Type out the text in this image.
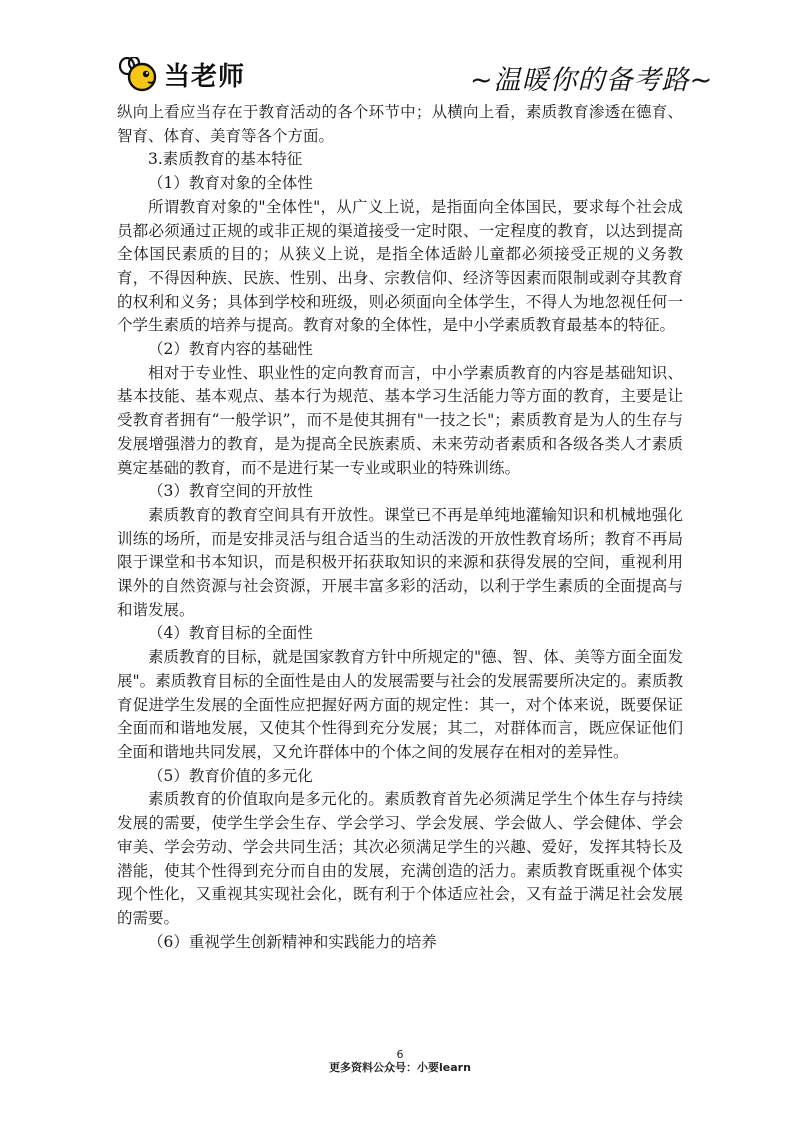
当老师	~温暖你的备考路~

纵向上看应当存在于教育活动的各个环节中；从横向上看，素质教育渗透在德育、智育、体育、美育等各个方面。

3.素质教育的基本特征

（1）教育对象的全体性

所谓教育对象的"全体性"，从广义上说，是指面向全体国民，要求每个社会成员都必须通过正规的或非正规的渠道接受一定时限、一定程度的教育，以达到提高全体国民素质的目的；从狭义上说，是指全体适龄儿童都必须接受正规的义务教育，不得因种族、民族、性别、出身、宗教信仰、经济等因素而限制或剥夺其教育的权利和义务；具体到学校和班级，则必须面向全体学生，不得人为地忽视任何一个学生素质的培养与提高。教育对象的全体性，是中小学素质教育最基本的特征。

（2）教育内容的基础性

相对于专业性、职业性的定向教育而言，中小学素质教育的内容是基础知识、基本技能、基本观点、基本行为规范、基本学习生活能力等方面的教育，主要是让受教育者拥有“一般学识”，而不是使其拥有"一技之长"；素质教育是为人的生存与发展增强潜力的教育，是为提高全民族素质、未来劳动者素质和各级各类人才素质奠定基础的教育，而不是进行某一专业或职业的特殊训练。

（3）教育空间的开放性

素质教育的教育空间具有开放性。课堂已不再是单纯地灌输知识和机械地强化训练的场所，而是安排灵活与组合适当的生动活泼的开放性教育场所；教育不再局限于课堂和书本知识，而是积极开拓获取知识的来源和获得发展的空间，重视利用课外的自然资源与社会资源，开展丰富多彩的活动，以利于学生素质的全面提高与和谐发展。

（4）教育目标的全面性

素质教育的目标，就是国家教育方针中所规定的"德、智、体、美等方面全面发展"。素质教育目标的全面性是由人的发展需要与社会的发展需要所决定的。素质教育促进学生发展的全面性应把握好两方面的规定性：其一，对个体来说，既要保证全面而和谐地发展，又使其个性得到充分发展；其二，对群体而言，既应保证他们全面和谐地共同发展，又允许群体中的个体之间的发展存在相对的差异性。

（5）教育价值的多元化

素质教育的价值取向是多元化的。素质教育首先必须满足学生个体生存与持续发展的需要，使学生学会生存、学会学习、学会发展、学会做人、学会健体、学会审美、学会劳动、学会共同生活；其次必须满足学生的兴趣、爱好，发挥其特长及潜能，使其个性得到充分而自由的发展，充满创造的活力。素质教育既重视个体实现个性化，又重视其实现社会化，既有利于个体适应社会，又有益于满足社会发展的需要。

（6）重视学生创新精神和实践能力的培养

6
更多资料公众号：小要learn
